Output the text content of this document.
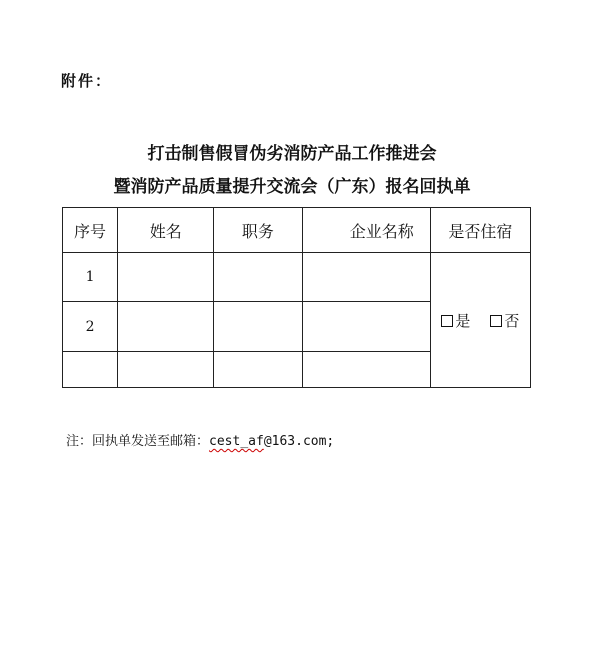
附件：
打击制售假冒伪劣消防产品工作推进会
暨消防产品质量提升交流会（广东）报名回执单
序号	姓名	职务	企业名称	是否住宿
1				是 否
2				

注：回执单发送至邮箱：cest_af@163.com;
